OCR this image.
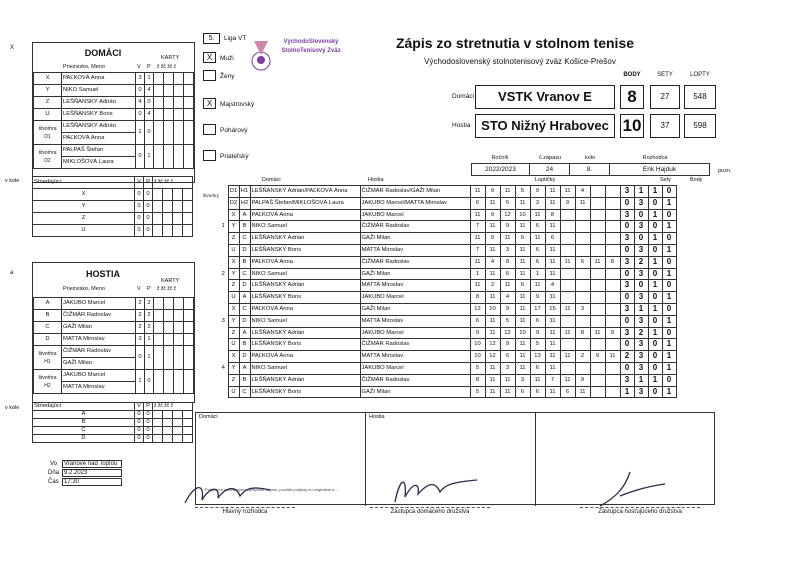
5.	Liga VT	VýchodoSlovenský StolnoTenisový Zväz	Zápis zo stretnutia v stolnom tenise
Východoslovenský stolnotenisový zväz Košice-Prešov
X	Muži
Ženy
X	Majstrovský
Pohárový
Priateľský
BODY	SETY	LOPTY
Domáci	VSTK Vranov E	8	27	548
Hostia STO Nižný Hrabovec 10	37	598
Ročník	č.zápasu	kolo	Rozhodca
2022/2023	24	8.	Erik Hajduk	pozn.
X	DOMÁCI	KARTY
Priezvisko, Meno	V P ž žč žč č
X	PAĽKOVÁ Anna	3	1				
Y	NIKO Samuel	0	4				
Z	LEŠŇANSKÝ Adrián	4	0				
U	LEŠŇANSKÝ Boris	0	4				
štvorhra D1	LEŠŇANSKÝ Adrián	1	0				
	PAĽKOVÁ Anna						
štvorhra D2	PALPAŠ Štefan	0	1				
	MIKLOŠOVÁ Laura						
v kole	Striedajúci	V	P	ž žč žč č			
X	0	0				
Y	0	0				
Z	0	0				
U	0	0				
a	HOSTIA
KARTY
Priezvisko, Meno	V P ž žč žč č
A	JAKUBO Marcel	2	2				
B	ČIŽMÁR Radoslav	2	2				
C	GAŽI Milan	2	2				
D	MATTA Miroslav	3	1				
štvorhra H1	ČIŽMÁR Radoslav	0	1				
	GAŽI Milan						
štvorhra H2	JAKUBO Marcel	1	0				
	MATTA Miroslav						
v kole	Striedajúci	V	P	ž žč žč č			
A	0	0				
B	0	0				
C	0	0				
D	0	0				
Domáci	Hostia	Loptičky	Sety	Body
štvorhry
	D1	H1	LEŠŇANSKÝ Adrián/PAĽKOVÁ Anna	ČIŽMÁR Radoslav/GAŽI Milan	11	9	11	5	9	11	11	4			3	1	1	0
	D2	H2	PALPAŠ Štefan/MIKLOŠOVÁ Laura	JAKUBO Marcel/MATTA Miroslav	6	11	6	11	3	11	9	11			0	3	0	1
	X	A	PAĽKOVÁ Anna	JAKUBO Marcel	11	9	12	10	11	8					3	0	1	0
1	Y	B	NIKO Samuel	ČIŽMÁR Radoslav	7	11	9	11	6	11					0	3	0	1
	Z	C	LEŠŇANSKÝ Adrián	GAŽI Milan	11	9	11	6	11	6					3	0	1	0
	U	D	LEŠŇANSKÝ Boris	MATTA Miroslav	7	11	3	11	6	11					0	3	0	1
	X	B	PAĽKOVÁ Anna	ČIŽMÁR Radoslav	11	4	8	11	6	11	11	6	11	8	3	2	1	0
2	Y	C	NIKO Samuel	GAŽI Milan	1	11	6	11	1	11					0	3	0	1
	Z	D	LEŠŇANSKÝ Adrián	MATTA Miroslav	11	2	11	6	11	4					3	0	1	0
	U	A	LEŠŇANSKÝ Boris	JAKUBO Marcel	8	11	4	11	9	11					0	3	0	1
	X	C	PAĽKOVÁ Anna	GAŽI Milan	12	10	9	11	17	15	11	3			3	1	1	0
3	Y	D	NIKO Samuel	MATTA Miroslav	6	11	5	11	6	11					0	3	0	1
	Z	A	LEŠŇANSKÝ Adrián	JAKUBO Marcel	9	11	12	10	9	11	11	8	11	9	3	2	1	0
	U	B	LEŠŇANSKÝ Boris	ČIŽMÁR Radoslav	10	12	9	11	5	11					0	3	0	1
	X	D	PAĽKOVÁ Anna	MATTA Miroslav	10	12	6	11	13	11	11	2	9	11	2	3	0	1
4	Y	A	NIKO Samuel	JAKUBO Marcel	5	11	3	11	6	11					0	3	0	1
	Z	B	LEŠŇANSKÝ Adrián	ČIŽMÁR Radoslav	8	11	11	3	11	7	11	9			3	1	1	0
	U	C	LEŠŇANSKÝ Boris	GAŽI Milan	5	11	11	6	6	11	6	11			1	3	0	1
Domáci	Hostia
Vo	Vranove nad Topľou
Dňa 9.2.2023
Čas 17:30
Podpisom potvrdzujem správnosť zápisu, použité podpisy sú originálne a ...
Hlavný rozhodca	Zástupca domáceho družstva	Zástupca hosťujúceho družstva
